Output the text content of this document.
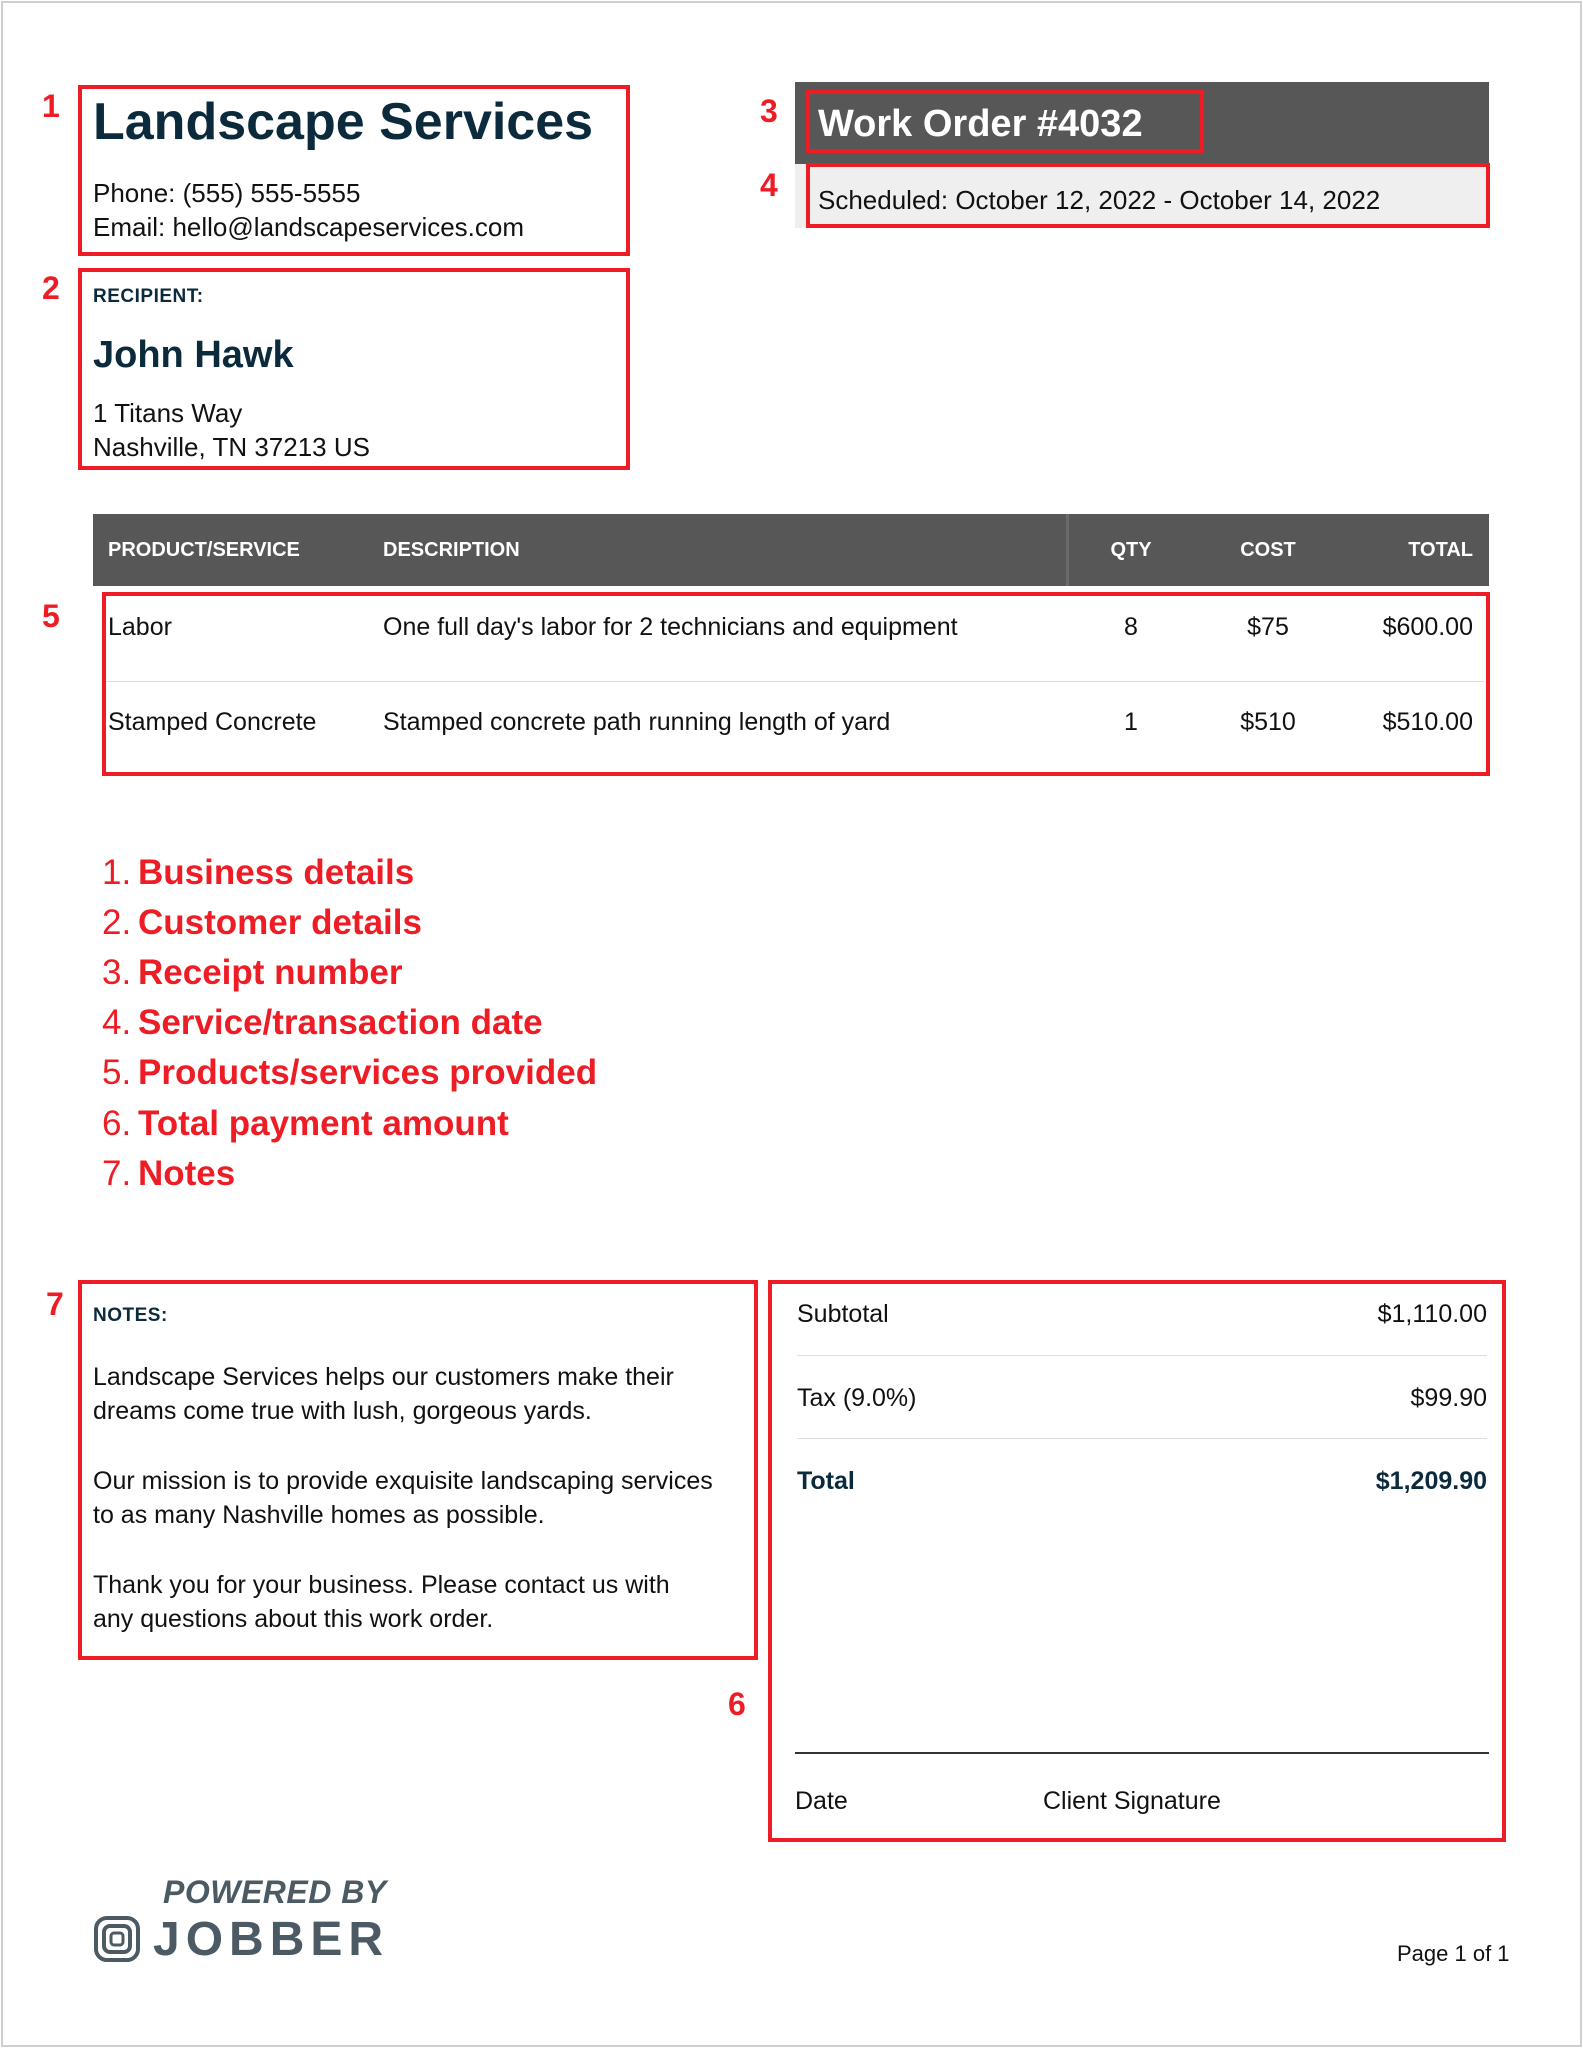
Landscape Services
Phone: (555) 555-5555
Email: hello@landscapeservices.com
RECIPIENT:
John Hawk
1 Titans Way
Nashville, TN 37213 US
Work Order #4032
Scheduled: October 12, 2022 - October 14, 2022
PRODUCT/SERVICE	DESCRIPTION	QTY	COST	TOTAL
Labor	One full day's labor for 2 technicians and equipment	8	$75	$600.00
Stamped Concrete	Stamped concrete path running length of yard	1	$510	$510.00
1. Business details
2. Customer details
3. Receipt number
4. Service/transaction date
5. Products/services provided
6. Total payment amount
7. Notes
NOTES:
Landscape Services helps our customers make their
dreams come true with lush, gorgeous yards.
Our mission is to provide exquisite landscaping services
to as many Nashville homes as possible.
Thank you for your business. Please contact us with
any questions about this work order.
Subtotal	$1,110.00
Tax (9.0%)	$99.90
Total	$1,209.90
Date	Client Signature
POWERED BY
JOBBER	Page 1 of 1
1
2
3
4
5
6
7
